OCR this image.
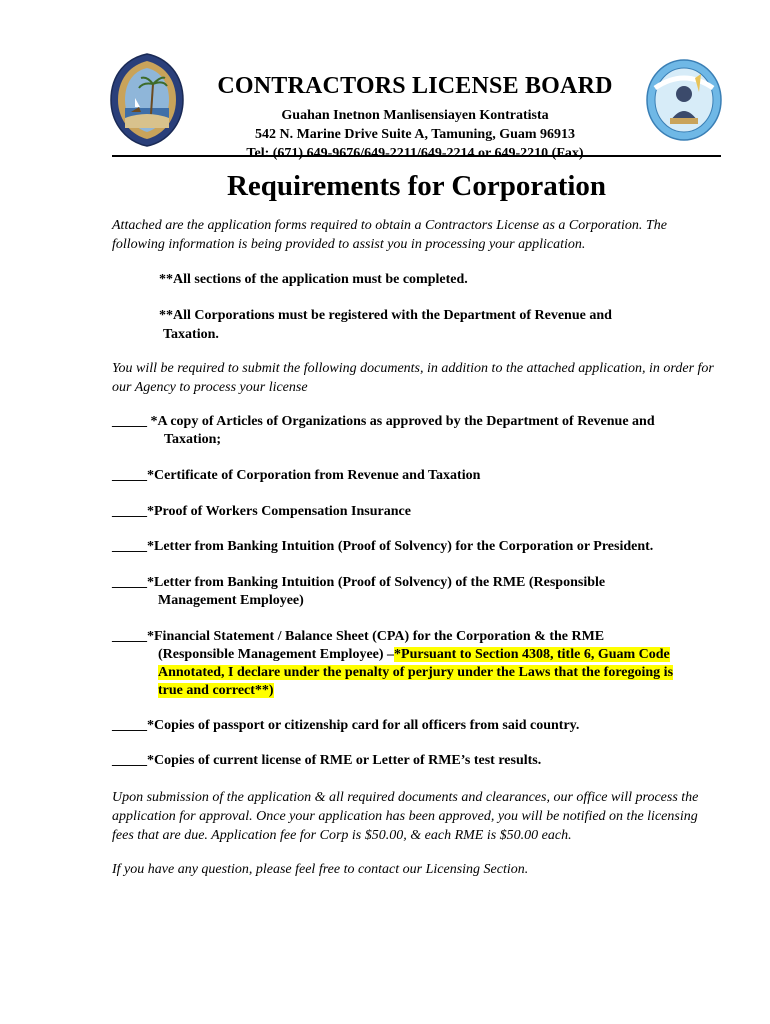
CONTRACTORS LICENSE BOARD
Guahan Inetnon Manlisensiayen Kontratista
542 N. Marine Drive Suite A, Tamuning, Guam 96913
Tel: (671) 649-9676/649-2211/649-2214 or 649-2210 (Fax)
Requirements for Corporation
Attached are the application forms required to obtain a Contractors License as a Corporation. The following information is being provided to assist you in processing your application.
**All sections of the application must be completed.
**All Corporations must be registered with the Department of Revenue and
Taxation.
You will be required to submit the following documents, in addition to the attached application, in order for our Agency to process your license
_____ *A copy of Articles of Organizations as approved by the Department of Revenue and
Taxation;
_____*Certificate of Corporation from Revenue and Taxation
_____*Proof of Workers Compensation Insurance
_____*Letter from Banking Intuition (Proof of Solvency) for the Corporation or President.
_____*Letter from Banking Intuition (Proof of Solvency) of the RME (Responsible
Management Employee)
_____*Financial Statement / Balance Sheet (CPA) for the Corporation & the RME
(Responsible Management Employee) –*Pursuant to Section 4308, title 6, Guam Code
Annotated, I declare under the penalty of perjury under the Laws that the foregoing is
true and correct**)
_____*Copies of passport or citizenship card for all officers from said country.
_____*Copies of current license of RME or Letter of RME’s test results.
Upon submission of the application & all required documents and clearances, our office will process the application for approval. Once your application has been approved, you will be notified on the licensing fees that are due. Application fee for Corp is $50.00, & each RME is $50.00 each.
If you have any question, please feel free to contact our Licensing Section.
